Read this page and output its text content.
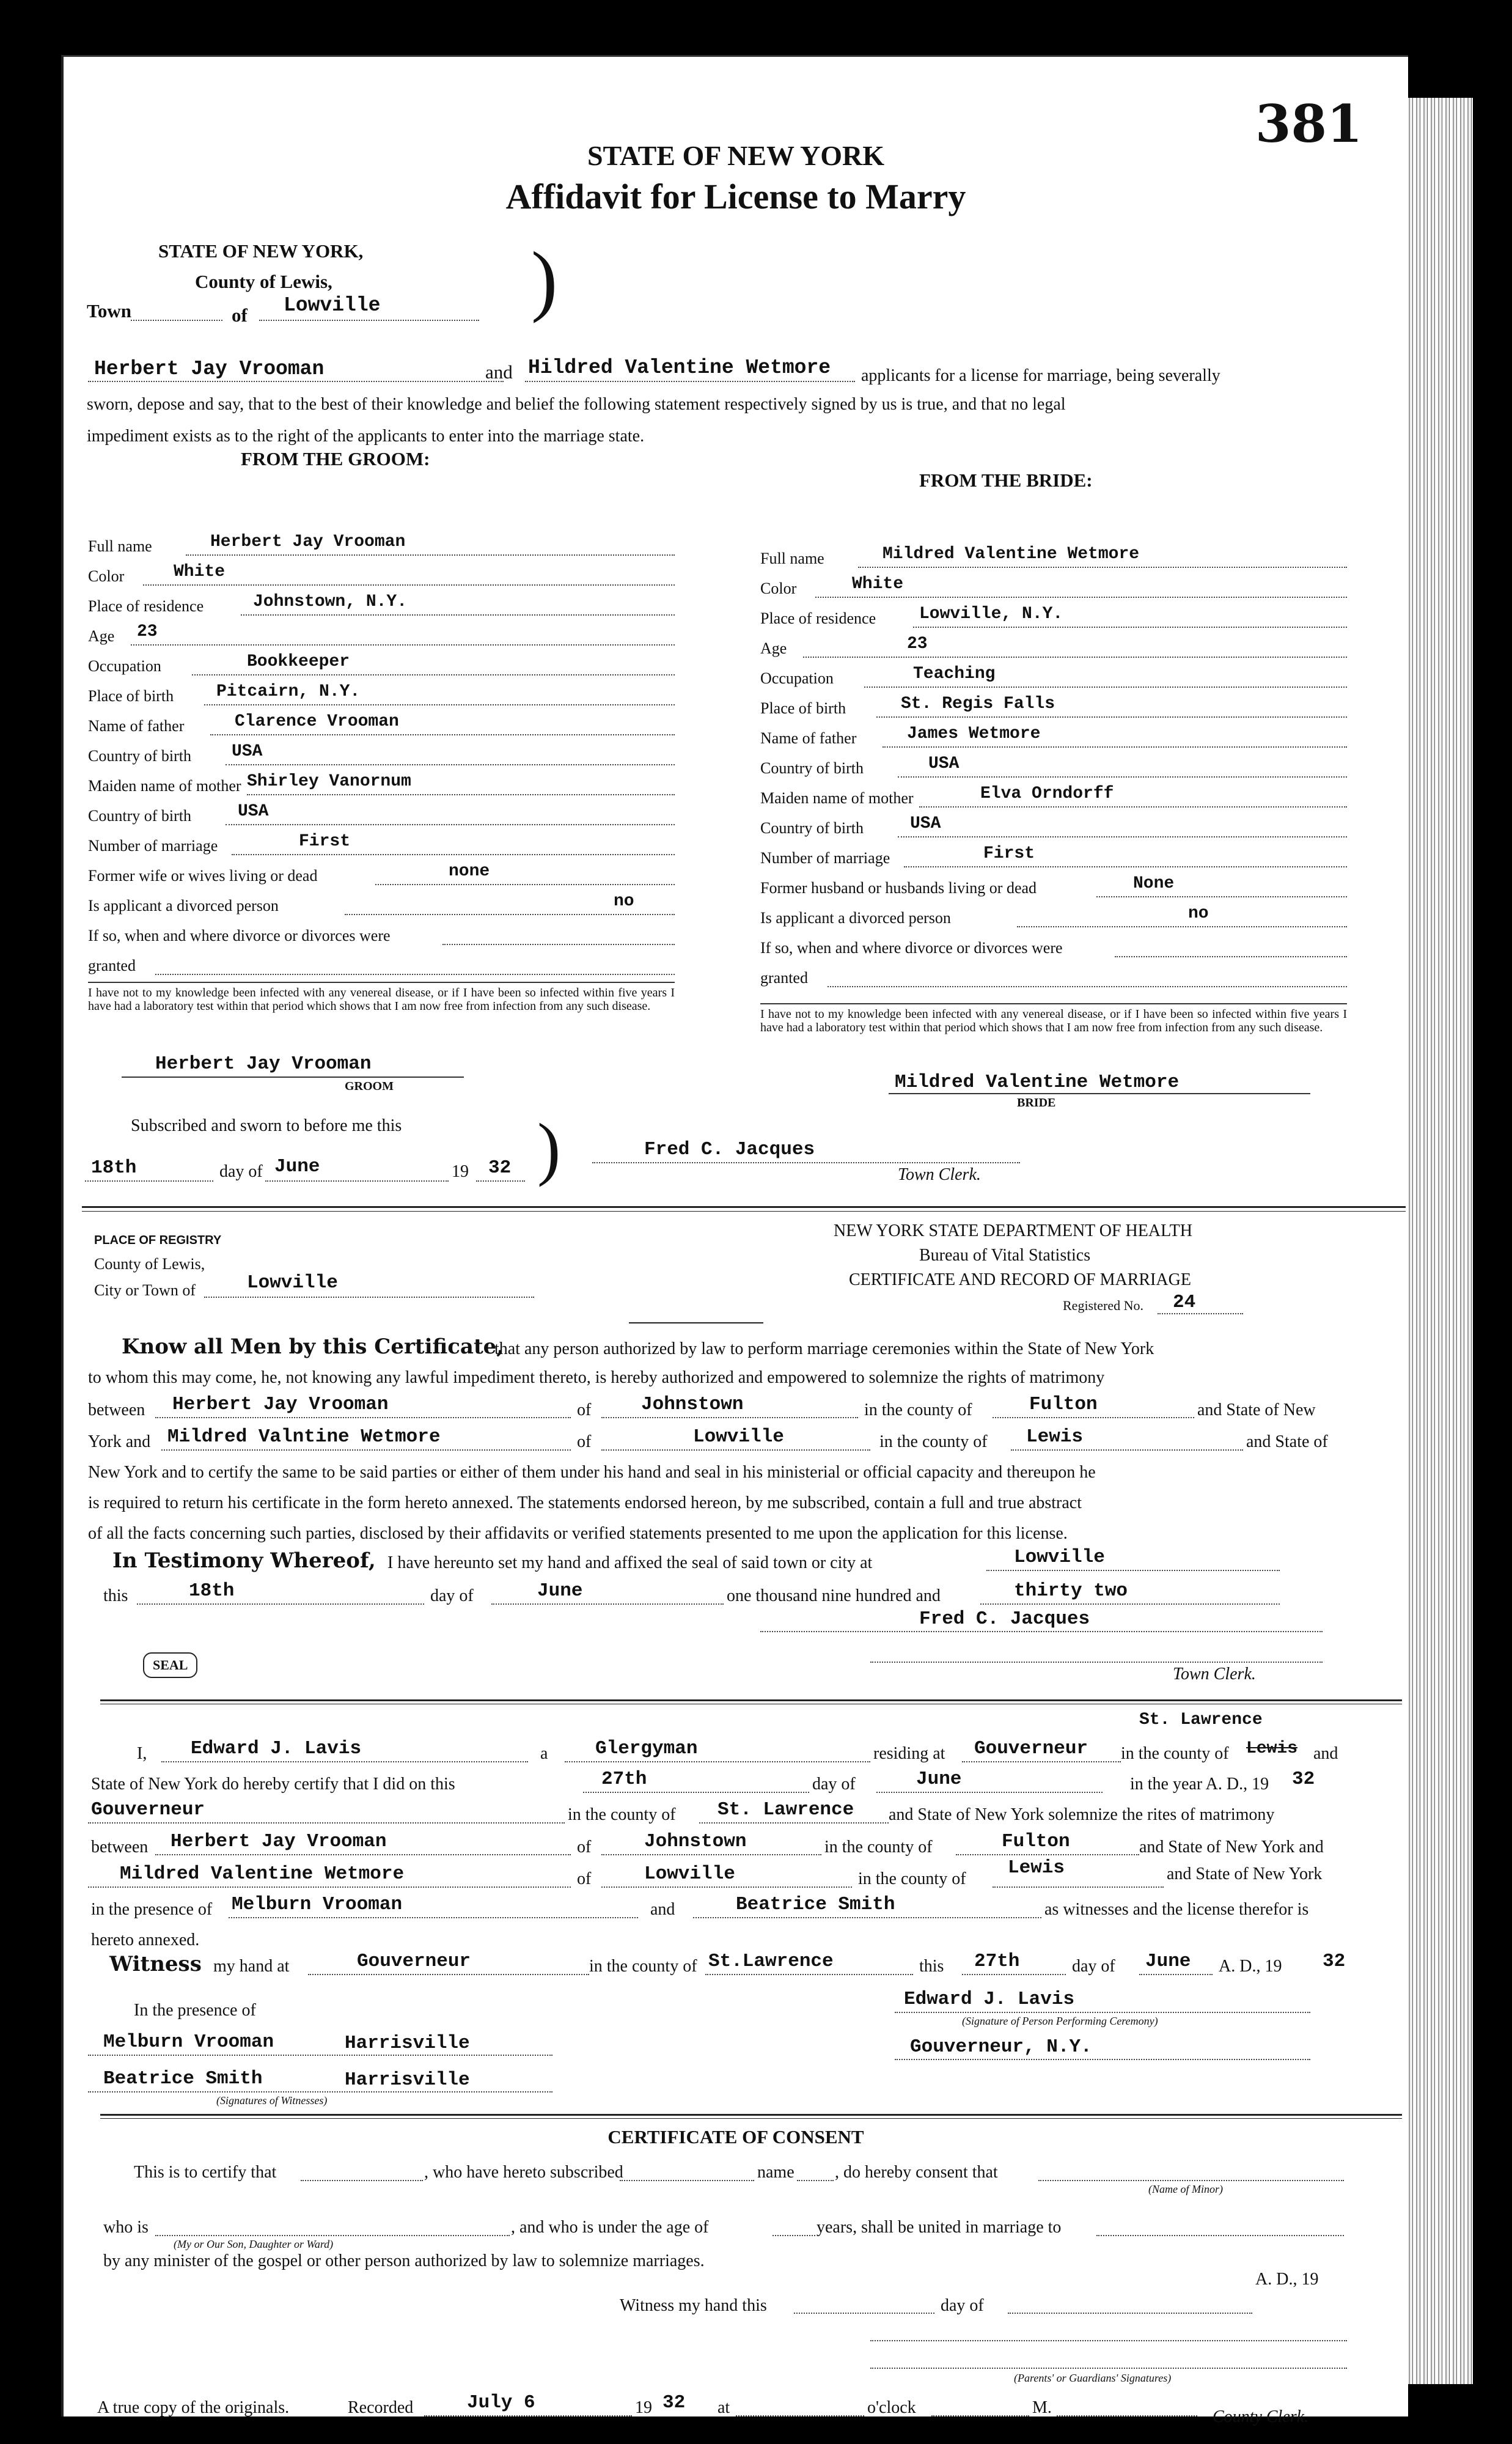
381
STATE OF NEW YORK
Affidavit for License to Marry
STATE OF NEW YORK,
County of Lewis,
Town	of Lowville )
Herbert Jay Vrooman	and Hildred Valentine Wetmore applicants for a license for marriage, being severally
sworn, depose and say, that to the best of their knowledge and belief the following statement respectively signed by us is true, and that no legal
impediment exists as to the right of the applicants to enter into the marriage state.
FROM THE GROOM:
FROM THE BRIDE:
Full name	Herbert Jay Vrooman
Color	White
Place of residence	Johnstown, N.Y.
Age 23
Occupation	Bookkeeper
Place of birth Pitcairn, N.Y.
Name of father	Clarence Vrooman
Country of birth USA
Maiden name of mother Shirley Vanornum
Country of birth	USA
Number of marriage	First
Former wife or wives living or dead	none
Is applicant a divorced person	no
If so, when and where divorce or divorces were
granted
Full name	Mildred Valentine Wetmore
Color	White
Place of residence	Lowville, N.Y.
Age	23
Occupation	Teaching
Place of birth	St. Regis Falls
Name of father	James Wetmore
Country of birth	USA
Maiden name of mother	Elva Orndorff
Country of birth	USA
Number of marriage	First
Former husband or husbands living or dead	None
Is applicant a divorced person	no
If so, when and where divorce or divorces were
granted
I have not to my knowledge been infected with any venereal disease, or if I have been so infected within five years I have had a laboratory test within that period which shows that I am now free from infection from any such disease.
I have not to my knowledge been infected with any venereal disease, or if I have been so infected within five years I have had a laboratory test within that period which shows that I am now free from infection from any such disease.
Herbert Jay Vrooman
GROOM	Mildred Valentine Wetmore
BRIDE
Subscribed and sworn to before me this
18th	day of June	19 32 )	Fred C. Jacques
Town Clerk.
PLACE OF REGISTRY
County of Lewis,
City or Town of	Lowville
NEW YORK STATE DEPARTMENT OF HEALTH
Bureau of Vital Statistics
CERTIFICATE AND RECORD OF MARRIAGE
Registered No. 24
Know all Men by this Certificate,
that any person authorized by law to perform marriage ceremonies within the State of New York
to whom this may come, he, not knowing any lawful impediment thereto, is hereby authorized and empowered to solemnize the rights of matrimony
between Herbert Jay Vrooman	of	Johnstown	in the county of	Fulton	and State of New
York and Mildred Valntine Wetmore	of	Lowville	in the county of Lewis	and State of
New York and to certify the same to be said parties or either of them under his hand and seal in his ministerial or official capacity and thereupon he
is required to return his certificate in the form hereto annexed. The statements endorsed hereon, by me subscribed, contain a full and true abstract
of all the facts concerning such parties, disclosed by their affidavits or verified statements presented to me upon the application for this license.
In Testimony Whereof, I have hereunto set my hand and affixed the seal of said town or city at	Lowville
this	18th	day of	June	one thousand nine hundred and	thirty two
Fred C. Jacques
SEAL	Town Clerk.
St. Lawrence
I, Edward J. Lavis	a	Glergyman	residing at Gouverneur in the county of Lewis and
State of New York do hereby certify that I did on this	27th	day of	June	in the year A. D., 19 32
Gouverneur	in the county of St. Lawrence and State of New York solemnize the rites of matrimony
between Herbert Jay Vrooman	of	Johnstown	in the county of	Fulton	and State of New York and
Mildred Valentine Wetmore	of	Lowville	in the county of
Lewis	and State of New York
in the presence of Melburn Vrooman	and	Beatrice Smith	as witnesses and the license therefor is
hereto annexed.
Witness my hand at	Gouverneur	in the county of St.Lawrence	this 27th	day of June A. D., 19 32
In the presence of
Edward J. Lavis
(Signature of Person Performing Ceremony)
Melburn Vrooman	Harrisville	Gouverneur, N.Y.
Beatrice Smith	Harrisville
(Signatures of Witnesses)
CERTIFICATE OF CONSENT
This is to certify that	, who have hereto subscribed	name , do hereby consent that
(Name of Minor)
who is	, and who is under the age of	years, shall be united in marriage to
(My or Our Son, Daughter or Ward)
by any minister of the gospel or other person authorized by law to solemnize marriages.
A. D., 19
Witness my hand this	day of
(Parents' or Guardians' Signatures)
A true copy of the originals.	Recorded	July 6	19 32 at	o'clock	M.	County Clerk.
